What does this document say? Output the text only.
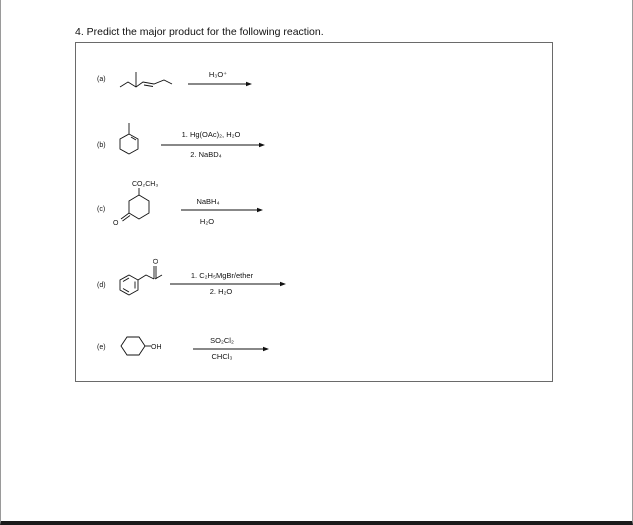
4. Predict the major product for the following reaction.
(a)
H₃O⁺
(b)
1. Hg(OAc)₂, H₂O
2. NaBD₄
(c)
CO₂CH₃
O
NaBH₄
H₂O
(d)
O
1. C₂H₅MgBr/ether
2. H₂O
(e)	OH
SO₂Cl₂
CHCl₃
